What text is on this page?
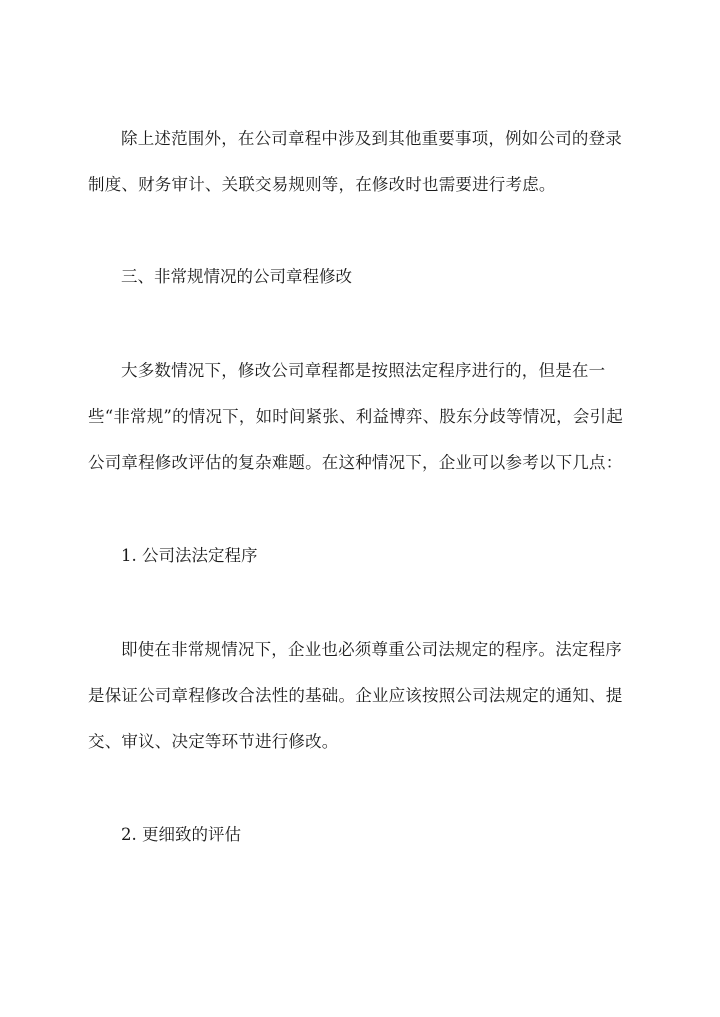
除上述范围外，在公司章程中涉及到其他重要事项，例如公司的登录制度、财务审计、关联交易规则等，在修改时也需要进行考虑。

三、非常规情况的公司章程修改

大多数情况下，修改公司章程都是按照法定程序进行的，但是在一些“非常规”的情况下，如时间紧张、利益博弈、股东分歧等情况，会引起公司章程修改评估的复杂难题。在这种情况下，企业可以参考以下几点：

1. 公司法法定程序

即使在非常规情况下，企业也必须尊重公司法规定的程序。法定程序是保证公司章程修改合法性的基础。企业应该按照公司法规定的通知、提交、审议、决定等环节进行修改。

2. 更细致的评估
